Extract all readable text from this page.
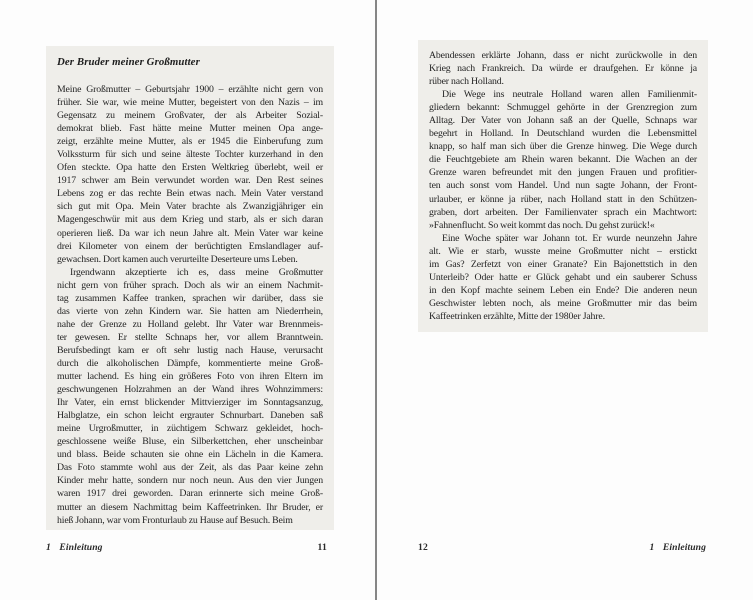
Der Bruder meiner Großmutter
Meine Großmutter – Geburtsjahr 1900 – erzählte nicht gern von
früher. Sie war, wie meine Mutter, begeistert von den Nazis – im
Gegensatz zu meinem Großvater, der als Arbeiter Sozial-
demokrat blieb. Fast hätte meine Mutter meinen Opa ange-
zeigt, erzählte meine Mutter, als er 1945 die Einberufung zum
Volkssturm für sich und seine älteste Tochter kurzerhand in den
Ofen steckte. Opa hatte den Ersten Weltkrieg überlebt, weil er
1917 schwer am Bein verwundet worden war. Den Rest seines
Lebens zog er das rechte Bein etwas nach. Mein Vater verstand
sich gut mit Opa. Mein Vater brachte als Zwanzigjähriger ein
Magengeschwür mit aus dem Krieg und starb, als er sich daran
operieren ließ. Da war ich neun Jahre alt. Mein Vater war keine
drei Kilometer von einem der berüchtigten Emslandlager auf-
gewachsen. Dort kamen auch verurteilte Deserteure ums Leben.
Irgendwann akzeptierte ich es, dass meine Großmutter
nicht gern von früher sprach. Doch als wir an einem Nachmit-
tag zusammen Kaffee tranken, sprachen wir darüber, dass sie
das vierte von zehn Kindern war. Sie hatten am Niederrhein,
nahe der Grenze zu Holland gelebt. Ihr Vater war Brennmeis-
ter gewesen. Er stellte Schnaps her, vor allem Branntwein.
Berufsbedingt kam er oft sehr lustig nach Hause, verursacht
durch die alkoholischen Dämpfe, kommentierte meine Groß-
mutter lachend. Es hing ein größeres Foto von ihren Eltern im
geschwungenen Holzrahmen an der Wand ihres Wohnzimmers:
Ihr Vater, ein ernst blickender Mittvierziger im Sonntagsanzug,
Halbglatze, ein schon leicht ergrauter Schnurbart. Daneben saß
meine Urgroßmutter, in züchtigem Schwarz gekleidet, hoch-
geschlossene weiße Bluse, ein Silberkettchen, eher unscheinbar
und blass. Beide schauten sie ohne ein Lächeln in die Kamera.
Das Foto stammte wohl aus der Zeit, als das Paar keine zehn
Kinder mehr hatte, sondern nur noch neun. Aus den vier Jungen
waren 1917 drei geworden. Daran erinnerte sich meine Groß-
mutter an diesem Nachmittag beim Kaffeetrinken. Ihr Bruder, er
hieß Johann, war vom Fronturlaub zu Hause auf Besuch. Beim
1 Einleitung	11
Abendessen erklärte Johann, dass er nicht zurückwolle in den
Krieg nach Frankreich. Da würde er draufgehen. Er könne ja
rüber nach Holland.
Die Wege ins neutrale Holland waren allen Familienmit-
gliedern bekannt: Schmuggel gehörte in der Grenzregion zum
Alltag. Der Vater von Johann saß an der Quelle, Schnaps war
begehrt in Holland. In Deutschland wurden die Lebensmittel
knapp, so half man sich über die Grenze hinweg. Die Wege durch
die Feuchtgebiete am Rhein waren bekannt. Die Wachen an der
Grenze waren befreundet mit den jungen Frauen und profitier-
ten auch sonst vom Handel. Und nun sagte Johann, der Front-
urlauber, er könne ja rüber, nach Holland statt in den Schützen-
graben, dort arbeiten. Der Familienvater sprach ein Machtwort:
»Fahnenflucht. So weit kommt das noch. Du gehst zurück!«
Eine Woche später war Johann tot. Er wurde neunzehn Jahre
alt. Wie er starb, wusste meine Großmutter nicht – erstickt
im Gas? Zerfetzt von einer Granate? Ein Bajonettstich in den
Unterleib? Oder hatte er Glück gehabt und ein sauberer Schuss
in den Kopf machte seinem Leben ein Ende? Die anderen neun
Geschwister lebten noch, als meine Großmutter mir das beim
Kaffeetrinken erzählte, Mitte der 1980er Jahre.
12	1 Einleitung
